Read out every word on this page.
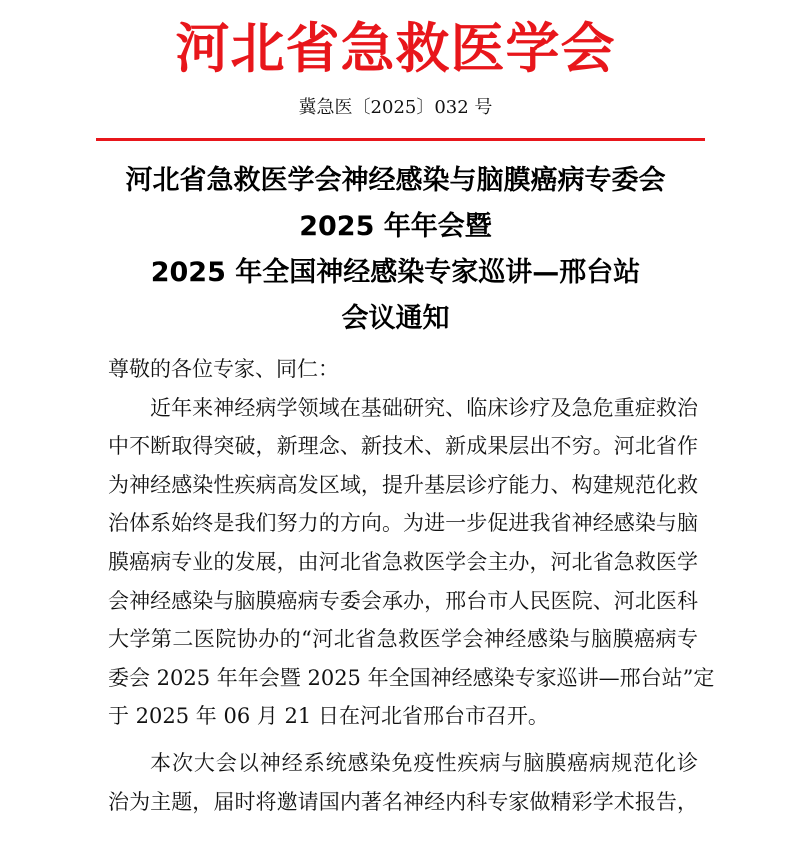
河北省急救医学会
冀急医〔2025〕032 号
河北省急救医学会神经感染与脑膜癌病专委会
2025 年年会暨
2025 年全国神经感染专家巡讲—邢台站
会议通知
尊敬的各位专家、同仁：
近年来神经病学领域在基础研究、临床诊疗及急危重症救治
中不断取得突破，新理念、新技术、新成果层出不穷。河北省作
为神经感染性疾病高发区域，提升基层诊疗能力、构建规范化救
治体系始终是我们努力的方向。为进一步促进我省神经感染与脑
膜癌病专业的发展，由河北省急救医学会主办，河北省急救医学
会神经感染与脑膜癌病专委会承办，邢台市人民医院、河北医科
大学第二医院协办的“河北省急救医学会神经感染与脑膜癌病专
委会 2025 年年会暨 2025 年全国神经感染专家巡讲—邢台站”定
于 2025 年 06 月 21 日在河北省邢台市召开。
本次大会以神经系统感染免疫性疾病与脑膜癌病规范化诊
治为主题，届时将邀请国内著名神经内科专家做精彩学术报告，
